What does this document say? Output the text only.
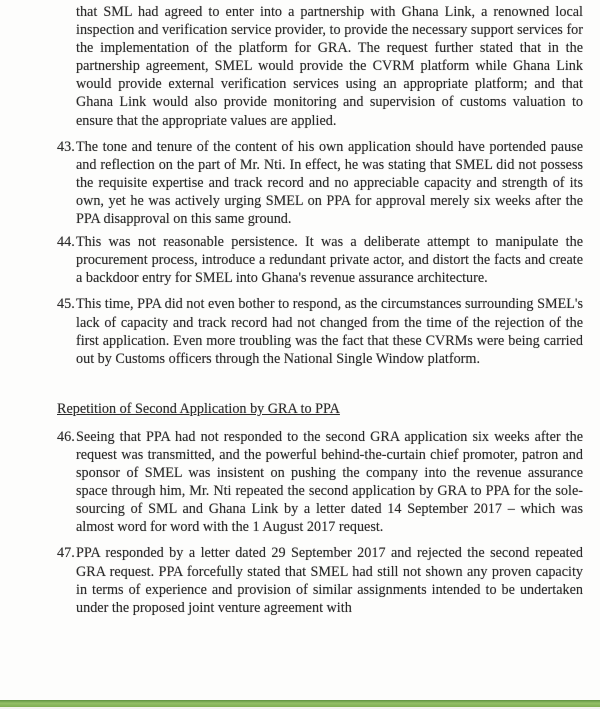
that SML had agreed to enter into a partnership with Ghana Link, a renowned local inspection and verification service provider, to provide the necessary support services for the implementation of the platform for GRA. The request further stated that in the partnership agreement, SMEL would provide the CVRM platform while Ghana Link would provide external verification services using an appropriate platform; and that Ghana Link would also provide monitoring and supervision of customs valuation to ensure that the appropriate values are applied.

43. The tone and tenure of the content of his own application should have portended pause and reflection on the part of Mr. Nti. In effect, he was stating that SMEL did not possess the requisite expertise and track record and no appreciable capacity and strength of its own, yet he was actively urging SMEL on PPA for approval merely six weeks after the PPA disapproval on this same ground.
44. This was not reasonable persistence. It was a deliberate attempt to manipulate the procurement process, introduce a redundant private actor, and distort the facts and create a backdoor entry for SMEL into Ghana's revenue assurance architecture.
45. This time, PPA did not even bother to respond, as the circumstances surrounding SMEL's lack of capacity and track record had not changed from the time of the rejection of the first application. Even more troubling was the fact that these CVRMs were being carried out by Customs officers through the National Single Window platform.
Repetition of Second Application by GRA to PPA
46. Seeing that PPA had not responded to the second GRA application six weeks after the request was transmitted, and the powerful behind-the-curtain chief promoter, patron and sponsor of SMEL was insistent on pushing the company into the revenue assurance space through him, Mr. Nti repeated the second application by GRA to PPA for the sole-sourcing of SML and Ghana Link by a letter dated 14 September 2017 – which was almost word for word with the 1 August 2017 request.
47. PPA responded by a letter dated 29 September 2017 and rejected the second repeated GRA request. PPA forcefully stated that SMEL had still not shown any proven capacity in terms of experience and provision of similar assignments intended to be undertaken under the proposed joint venture agreement with
